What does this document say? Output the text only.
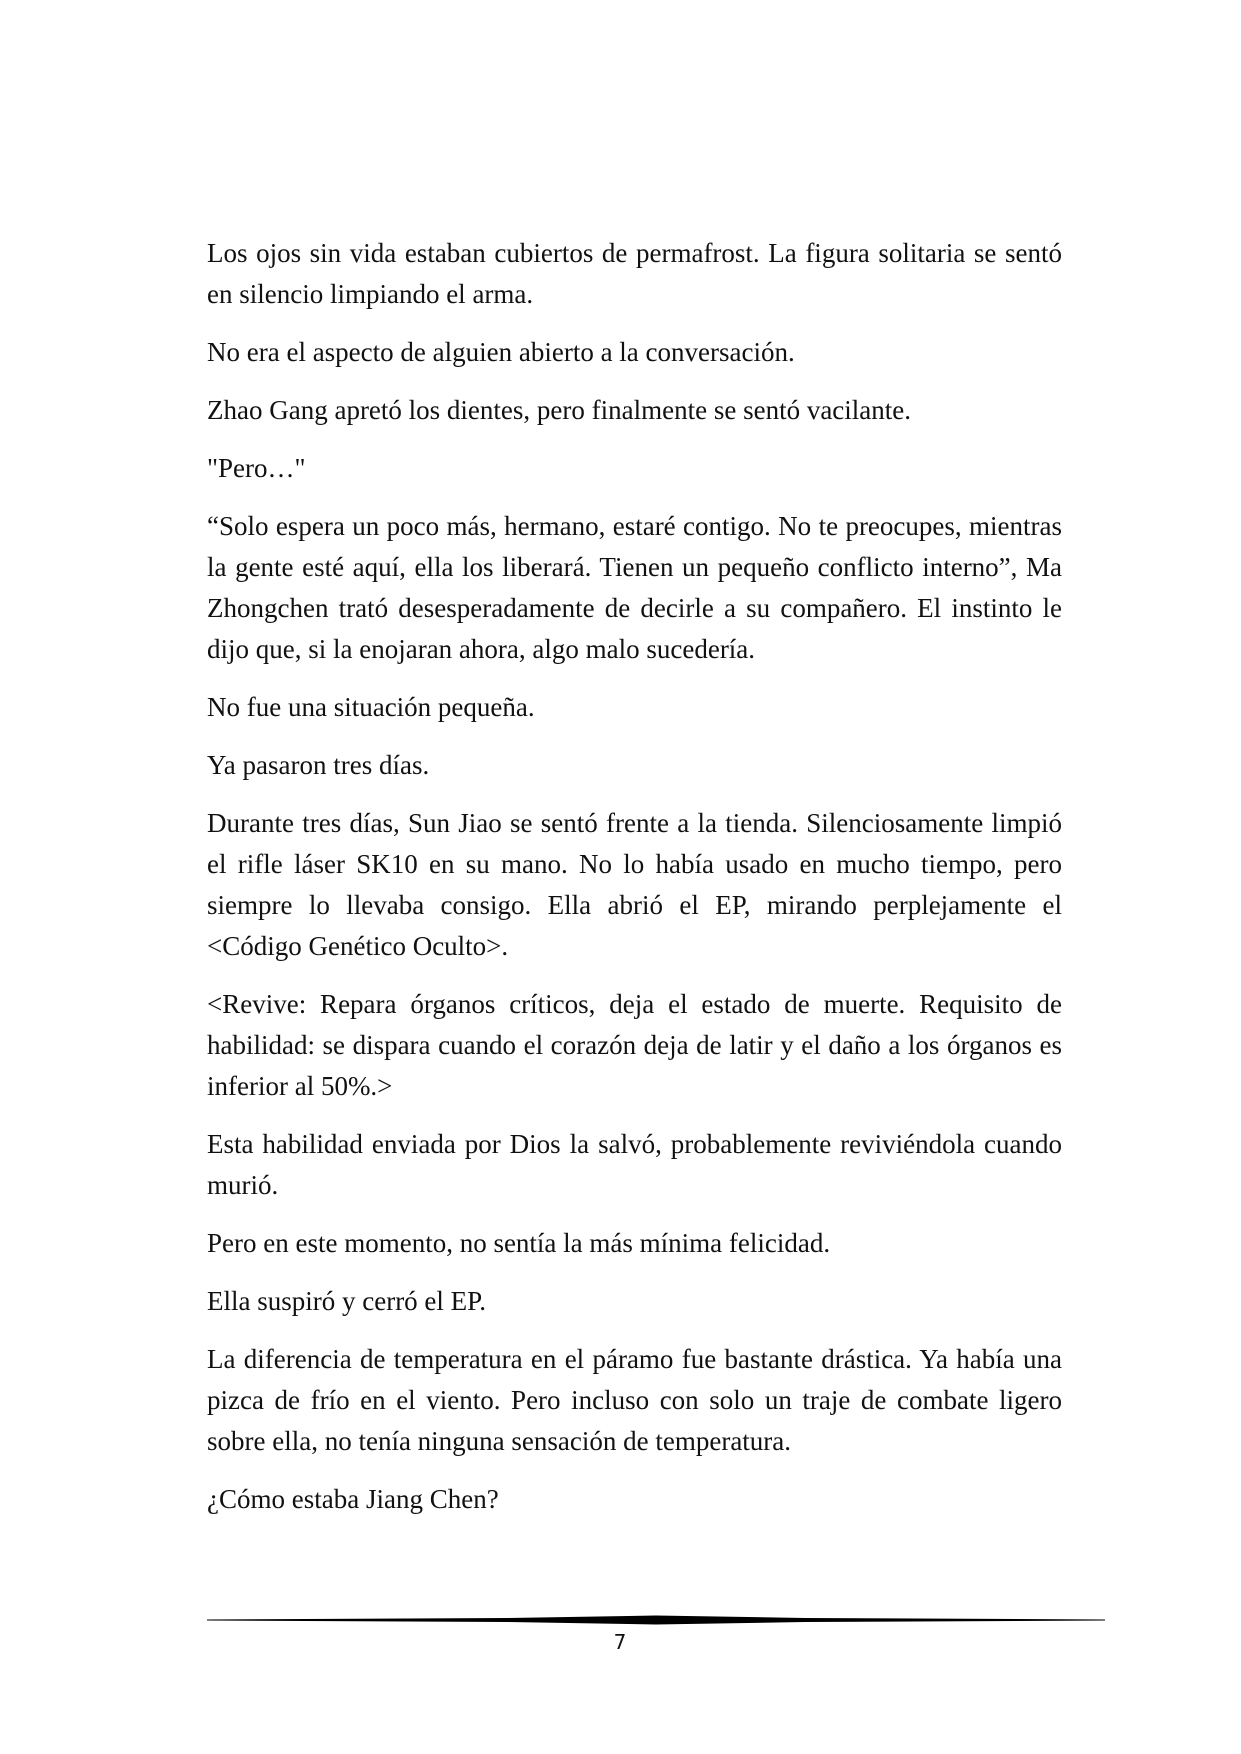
Los ojos sin vida estaban cubiertos de permafrost. La figura solitaria se sentó en silencio limpiando el arma.

No era el aspecto de alguien abierto a la conversación.

Zhao Gang apretó los dientes, pero finalmente se sentó vacilante.

"Pero…"

“Solo espera un poco más, hermano, estaré contigo. No te preocupes, mientras la gente esté aquí, ella los liberará. Tienen un pequeño conflicto interno”, Ma Zhongchen trató desesperadamente de decirle a su compañero. El instinto le dijo que, si la enojaran ahora, algo malo sucedería.

No fue una situación pequeña.

Ya pasaron tres días.

Durante tres días, Sun Jiao se sentó frente a la tienda. Silenciosamente limpió el rifle láser SK10 en su mano. No lo había usado en mucho tiempo, pero siempre lo llevaba consigo. Ella abrió el EP, mirando perplejamente el <Código Genético Oculto>.

<Revive: Repara órganos críticos, deja el estado de muerte. Requisito de habilidad: se dispara cuando el corazón deja de latir y el daño a los órganos es inferior al 50%.>

Esta habilidad enviada por Dios la salvó, probablemente reviviéndola cuando murió.

Pero en este momento, no sentía la más mínima felicidad.

Ella suspiró y cerró el EP.

La diferencia de temperatura en el páramo fue bastante drástica. Ya había una pizca de frío en el viento. Pero incluso con solo un traje de combate ligero sobre ella, no tenía ninguna sensación de temperatura.

¿Cómo estaba Jiang Chen?

7
